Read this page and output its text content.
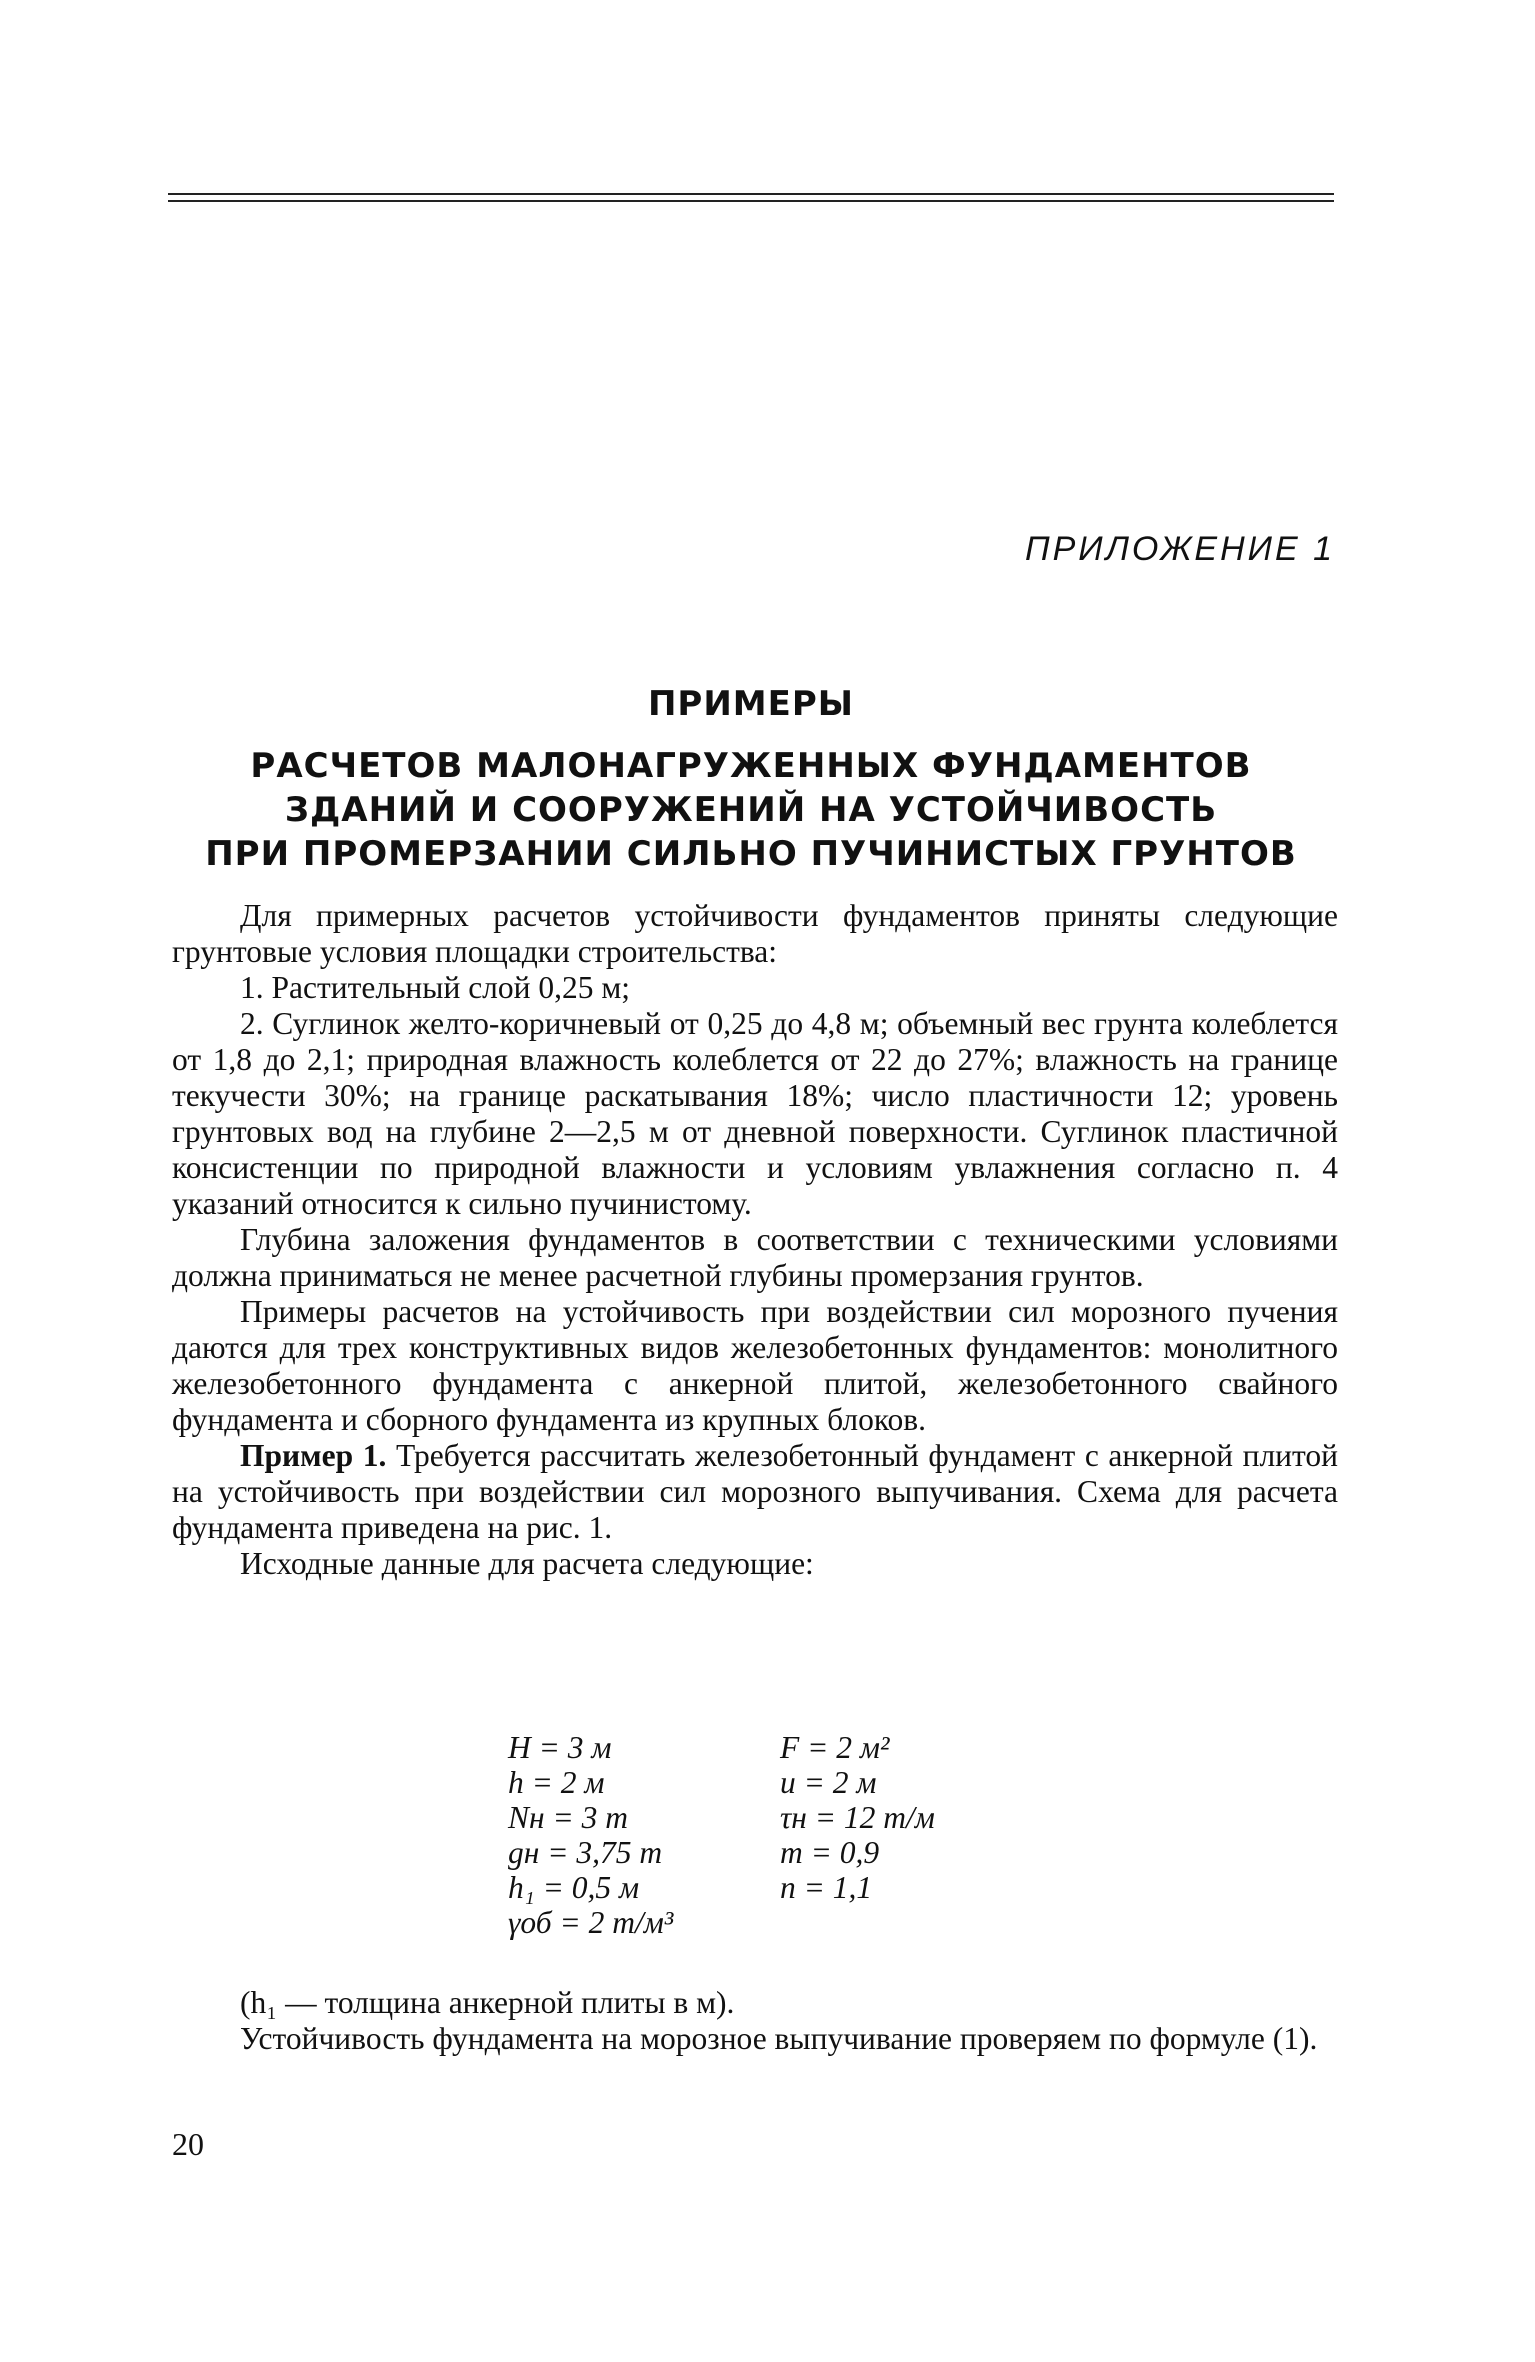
ПРИЛОЖЕНИЕ 1
ПРИМЕРЫ
РАСЧЕТОВ МАЛОНАГРУЖЕННЫХ ФУНДАМЕНТОВ
ЗДАНИЙ И СООРУЖЕНИЙ НА УСТОЙЧИВОСТЬ
ПРИ ПРОМЕРЗАНИИ СИЛЬНО ПУЧИНИСТЫХ ГРУНТОВ

Для примерных расчетов устойчивости фундаментов приняты следующие грунтовые условия площадки строительства:

1. Растительный слой 0,25 м;

2. Суглинок желто-коричневый от 0,25 до 4,8 м; объемный вес грунта колеблется от 1,8 до 2,1; природная влажность колеблется от 22 до 27%; влажность на границе текучести 30%; на границе раскатывания 18%; число пластичности 12; уровень грунтовых вод на глубине 2—2,5 м от дневной поверхности. Суглинок пластичной консистенции по природной влажности и условиям увлажнения согласно п. 4 указаний относится к сильно пучинистому.

Глубина заложения фундаментов в соответствии с техническими условиями должна приниматься не менее расчетной глубины промерзания грунтов.

Примеры расчетов на устойчивость при воздействии сил морозного пучения даются для трех конструктивных видов железобетонных фундаментов: монолитного железобетонного фундамента с анкерной плитой, железобетонного свайного фундамента и сборного фундамента из крупных блоков.

Пример 1. Требуется рассчитать железобетонный фундамент с анкерной плитой на устойчивость при воздействии сил морозного выпучивания. Схема для расчета фундамента приведена на рис. 1.

Исходные данные для расчета следующие:

H = 3 м
h = 2 м
Nн = 3 т
gн = 3,75 т
h₁ = 0,5 м
γоб = 2 т/м³
F = 2 м²
u = 2 м
τн = 12 т/м
m = 0,9
n = 1,1

(h₁ — толщина анкерной плиты в м).

Устойчивость фундамента на морозное выпучивание проверяем по формуле (1).

20
